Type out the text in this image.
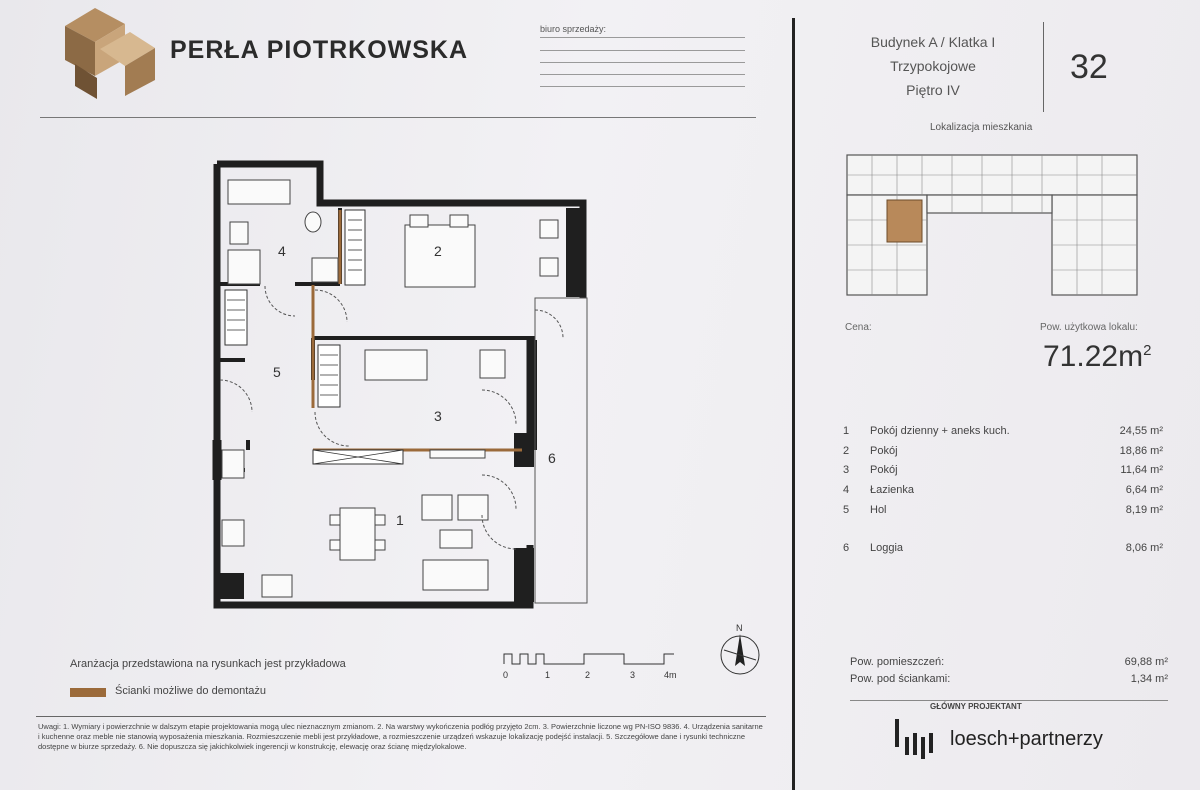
PERŁA PIOTRKOWSKA
biuro sprzedaży:
4	2
5
3
6
1
N
0	1	2	3	4m
Aranżacja przedstawiona na rysunkach jest przykładowa
Ścianki możliwe do demontażu
Uwagi: 1. Wymiary i powierzchnie w dalszym etapie projektowania mogą ulec nieznacznym zmianom. 2. Na warstwy wykończenia podłóg przyjęto 2cm. 3. Powierzchnie liczone wg PN-ISO 9836. 4. Urządzenia sanitarne i kuchenne oraz meble nie stanowią wyposażenia mieszkania. Rozmieszczenie mebli jest przykładowe, a rozmieszczenie urządzeń wskazuje lokalizację podejść instalacji. 5. Szczegółowe dane i rysunki techniczne dostępne w biurze sprzedaży. 6. Nie dopuszcza się jakichkolwiek ingerencji w konstrukcję, elewację oraz ścianę międzylokalowe.
Budynek A / Klatka I
Trzypokojowe
Piętro IV
32
Lokalizacja mieszkania
Cena:	Pow. użytkowa lokalu:
$71.22m^2$
1 Pokój dzienny + aneks kuch.	24,55 m²
2 Pokój	18,86 m²
3 Pokój	11,64 m²
4 Łazienka	6,64 m²
5 Hol	8,19 m²
6 Loggia	8,06 m²
Pow. pomieszczeń:	69,88 m²
Pow. pod ściankami:	1,34 m²
GŁÓWNY PROJEKTANT
loesch+partnerzy
